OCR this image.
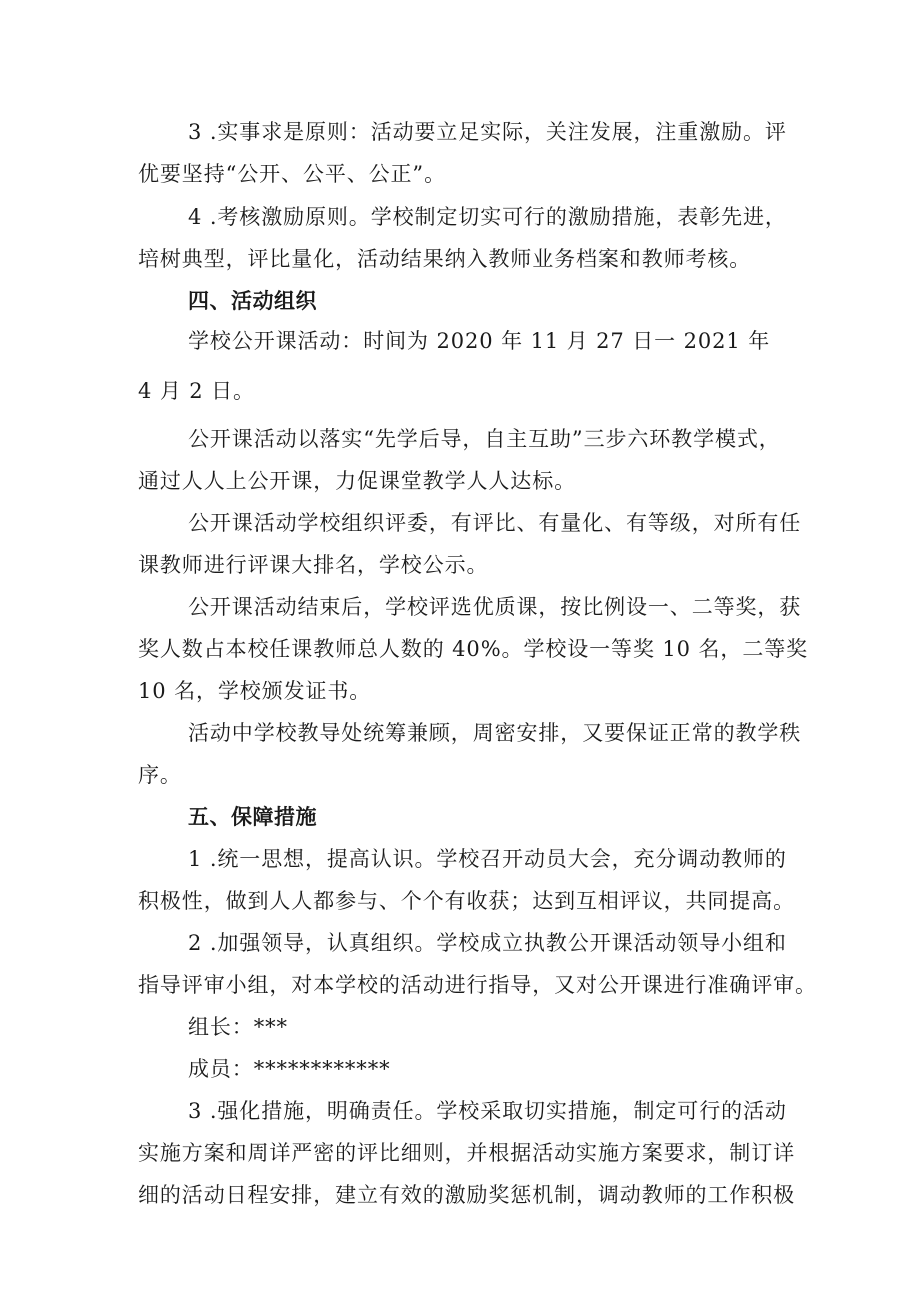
3 .实事求是原则：活动要立足实际，关注发展，注重激励。评
优要坚持“公开、公平、公正”。
4 .考核激励原则。学校制定切实可行的激励措施，表彰先进，
培树典型，评比量化，活动结果纳入教师业务档案和教师考核。
四、活动组织
学校公开课活动：时间为 2020 年 11 月 27 日一 2021 年
4 月 2 日。
公开课活动以落实“先学后导，自主互助”三步六环教学模式，
通过人人上公开课，力促课堂教学人人达标。
公开课活动学校组织评委，有评比、有量化、有等级，对所有任
课教师进行评课大排名，学校公示。
公开课活动结束后，学校评选优质课，按比例设一、二等奖，获
奖人数占本校任课教师总人数的 40%。学校设一等奖 10 名，二等奖
10 名，学校颁发证书。
活动中学校教导处统筹兼顾，周密安排，又要保证正常的教学秩
序。
五、保障措施
1 .统一思想，提高认识。学校召开动员大会，充分调动教师的
积极性，做到人人都参与、个个有收获；达到互相评议，共同提高。
2 .加强领导，认真组织。学校成立执教公开课活动领导小组和
指导评审小组，对本学校的活动进行指导，又对公开课进行准确评审。
组长：***
成员：************
3 .强化措施，明确责任。学校采取切实措施，制定可行的活动
实施方案和周详严密的评比细则，并根据活动实施方案要求，制订详
细的活动日程安排，建立有效的激励奖惩机制，调动教师的工作积极
